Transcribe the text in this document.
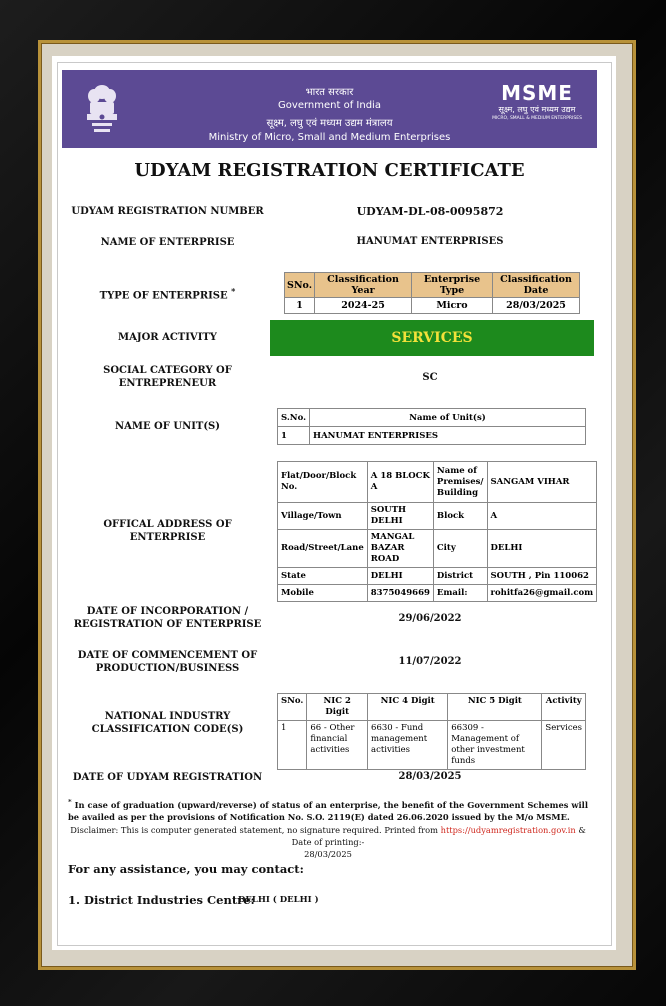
भारत सरकार
Government of India
सूक्ष्म, लघु एवं मध्यम उद्यम मंत्रालय
Ministry of Micro, Small and Medium Enterprises
MSME
सूक्ष्म, लघु एवं मध्यम उद्यम
MICRO, SMALL & MEDIUM ENTERPRISES
UDYAM REGISTRATION CERTIFICATE
UDYAM REGISTRATION NUMBER	UDYAM-DL-08-0095872
NAME OF ENTERPRISE	HANUMAT ENTERPRISES
TYPE OF ENTERPRISE *
SNo.	Classification Year	Enterprise Type	Classification Date
1	2024-25	Micro	28/03/2025
MAJOR ACTIVITY	SERVICES
SOCIAL CATEGORY OF
ENTREPRENEUR
SC
NAME OF UNIT(S)
S.No.	Name of Unit(s)
1	HANUMAT ENTERPRISES
OFFICAL ADDRESS OF ENTERPRISE
Flat/Door/Block No.	A 18 BLOCK A	Name of Premises/ Building	SANGAM VIHAR
Village/Town	SOUTH DELHI	Block	A
Road/Street/Lane	MANGAL BAZAR ROAD	City	DELHI
State	DELHI	District	SOUTH , Pin 110062
Mobile	8375049669	Email:	rohitfa26@gmail.com
DATE OF INCORPORATION /
REGISTRATION OF ENTERPRISE
29/06/2022
DATE OF COMMENCEMENT OF
PRODUCTION/BUSINESS
11/07/2022
NATIONAL INDUSTRY
CLASSIFICATION CODE(S)
SNo.	NIC 2 Digit	NIC 4 Digit	NIC 5 Digit	Activity
1	66 - Other financial activities	6630 - Fund management activities	66309 - Management of other investment funds	Services
DATE OF UDYAM REGISTRATION	28/03/2025
* In case of graduation (upward/reverse) of status of an enterprise, the benefit of the Government Schemes will be availed as per the provisions of Notification No. S.O. 2119(E) dated 26.06.2020 issued by the M/o MSME.
Disclaimer: This is computer generated statement, no signature required. Printed from https://udyamregistration.gov.in & Date of printing:-
28/03/2025
For any assistance, you may contact:
1. District Industries Centre:
DELHI ( DELHI )
